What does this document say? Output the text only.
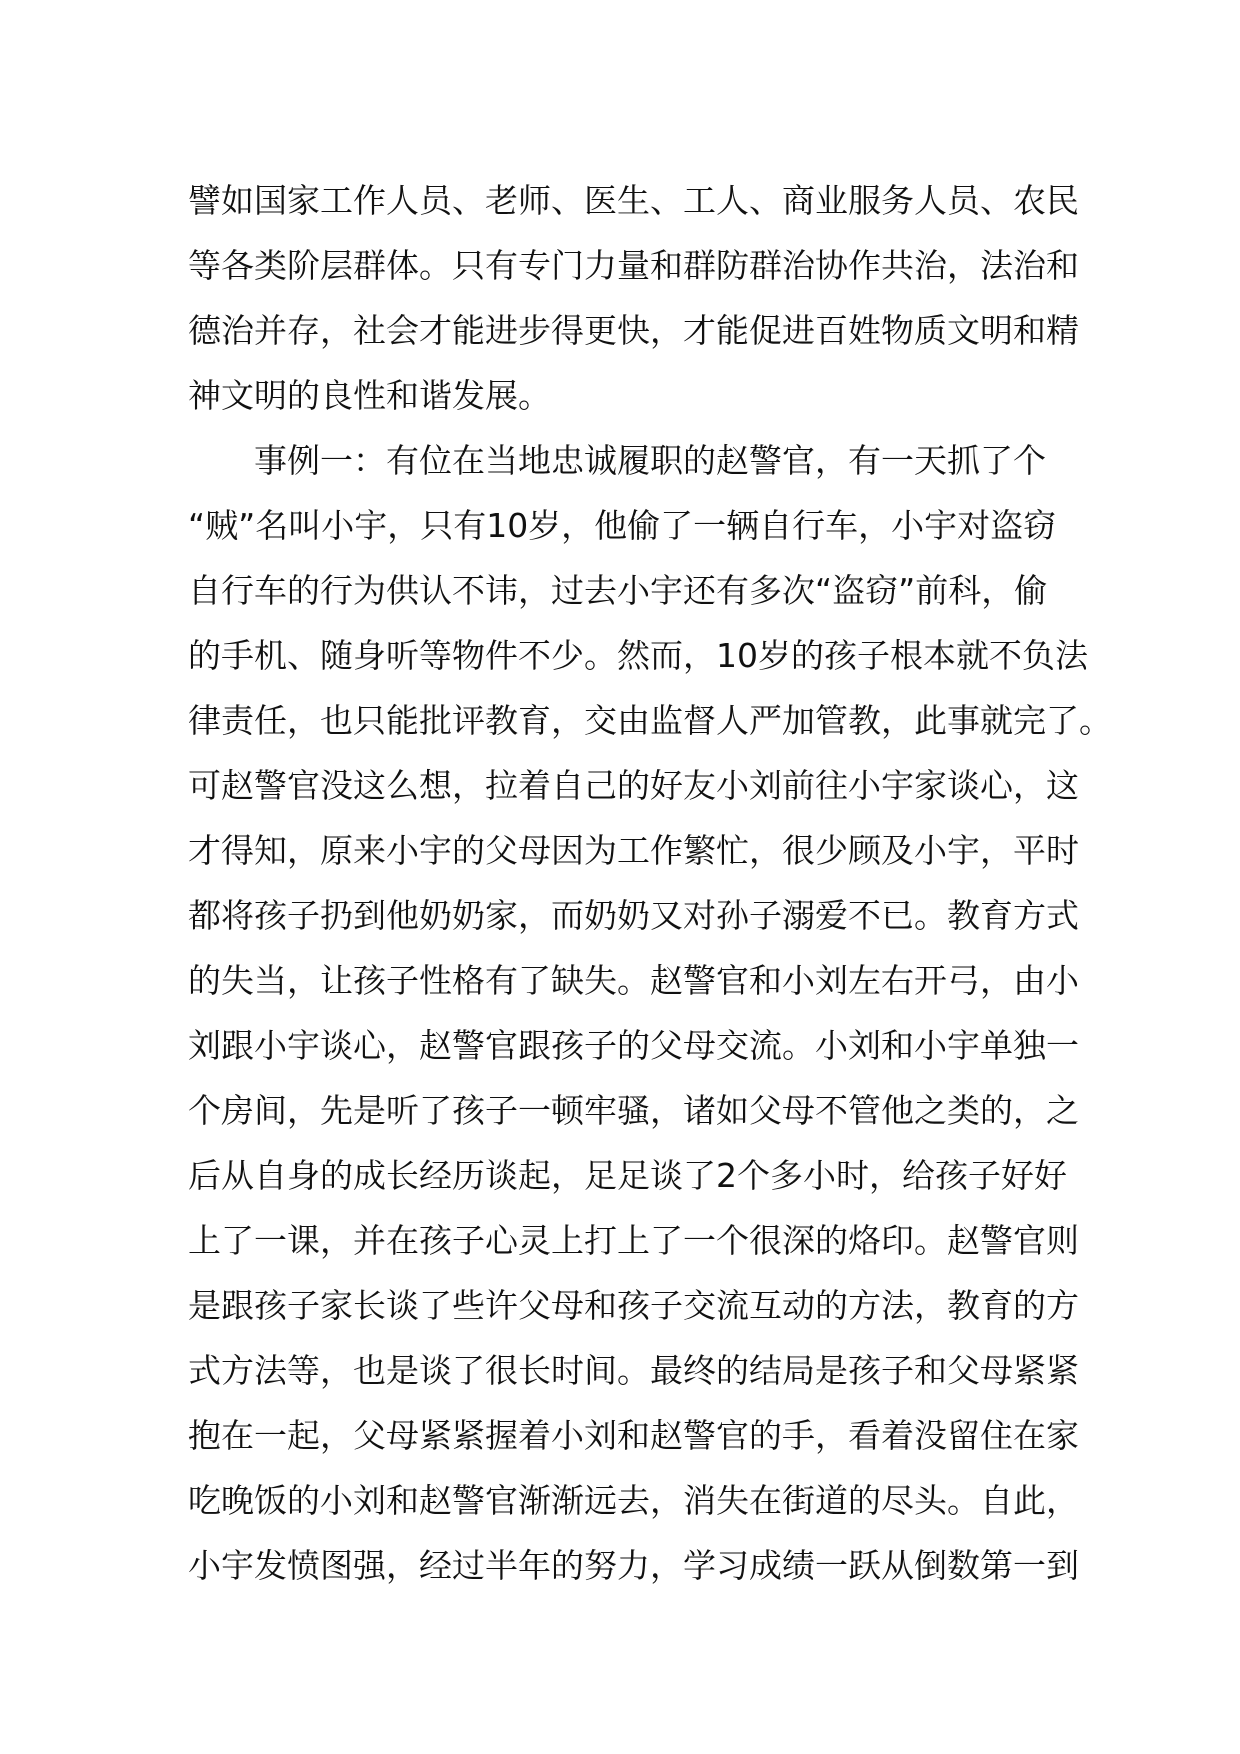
譬如国家工作人员、老师、医生、工人、商业服务人员、农民
等各类阶层群体。只有专门力量和群防群治协作共治，法治和
德治并存，社会才能进步得更快，才能促进百姓物质文明和精
神文明的良性和谐发展。
　　事例一：有位在当地忠诚履职的赵警官，有一天抓了个
“贼”名叫小宇，只有10岁，他偷了一辆自行车，小宇对盗窃
自行车的行为供认不讳，过去小宇还有多次“盗窃”前科，偷
的手机、随身听等物件不少。然而，10岁的孩子根本就不负法
律责任，也只能批评教育，交由监督人严加管教，此事就完了。
可赵警官没这么想，拉着自己的好友小刘前往小宇家谈心，这
才得知，原来小宇的父母因为工作繁忙，很少顾及小宇，平时
都将孩子扔到他奶奶家，而奶奶又对孙子溺爱不已。教育方式
的失当，让孩子性格有了缺失。赵警官和小刘左右开弓，由小
刘跟小宇谈心，赵警官跟孩子的父母交流。小刘和小宇单独一
个房间，先是听了孩子一顿牢骚，诸如父母不管他之类的，之
后从自身的成长经历谈起，足足谈了2个多小时，给孩子好好
上了一课，并在孩子心灵上打上了一个很深的烙印。赵警官则
是跟孩子家长谈了些许父母和孩子交流互动的方法，教育的方
式方法等，也是谈了很长时间。最终的结局是孩子和父母紧紧
抱在一起，父母紧紧握着小刘和赵警官的手，看着没留住在家
吃晚饭的小刘和赵警官渐渐远去，消失在街道的尽头。自此，
小宇发愤图强，经过半年的努力，学习成绩一跃从倒数第一到
